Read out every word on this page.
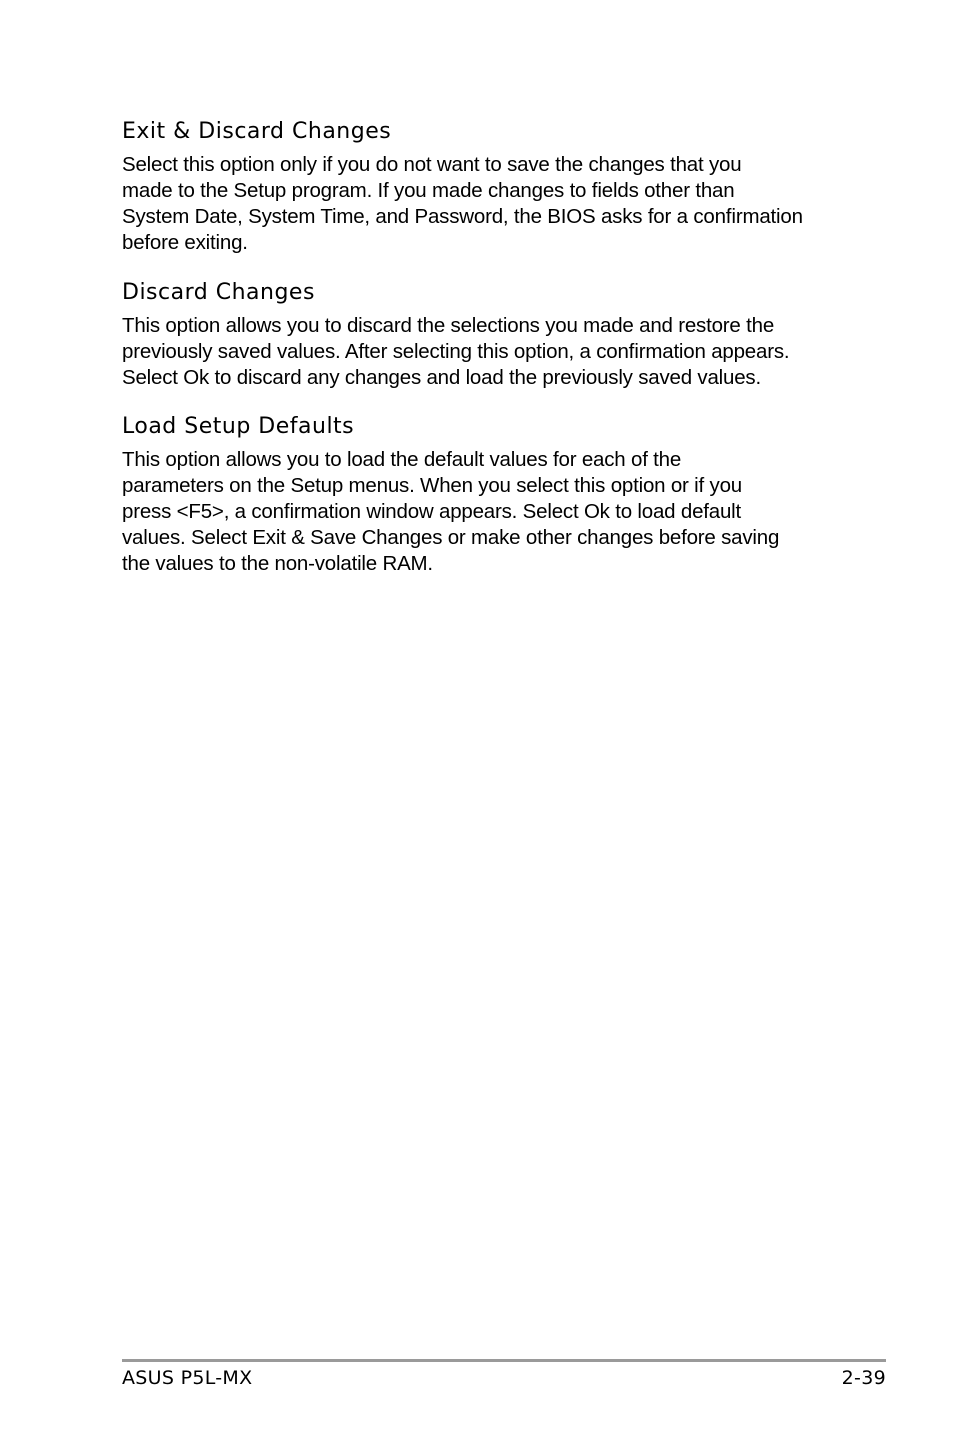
Exit & Discard Changes

Select this option only if you do not want to save the changes that you
made to the Setup program. If you made changes to ﬁelds other than
System Date, System Time, and Password, the BIOS asks for a conﬁrmation
before exiting.

Discard Changes

This option allows you to discard the selections you made and restore the
previously saved values. After selecting this option, a conﬁrmation appears.
Select Ok to discard any changes and load the previously saved values.

Load Setup Defaults

This option allows you to load the default values for each of the
parameters on the Setup menus. When you select this option or if you
press <F5>, a conﬁrmation window appears. Select Ok to load default
values. Select Exit & Save Changes or make other changes before saving
the values to the non-volatile RAM.

ASUS P5L-MX	2-39
